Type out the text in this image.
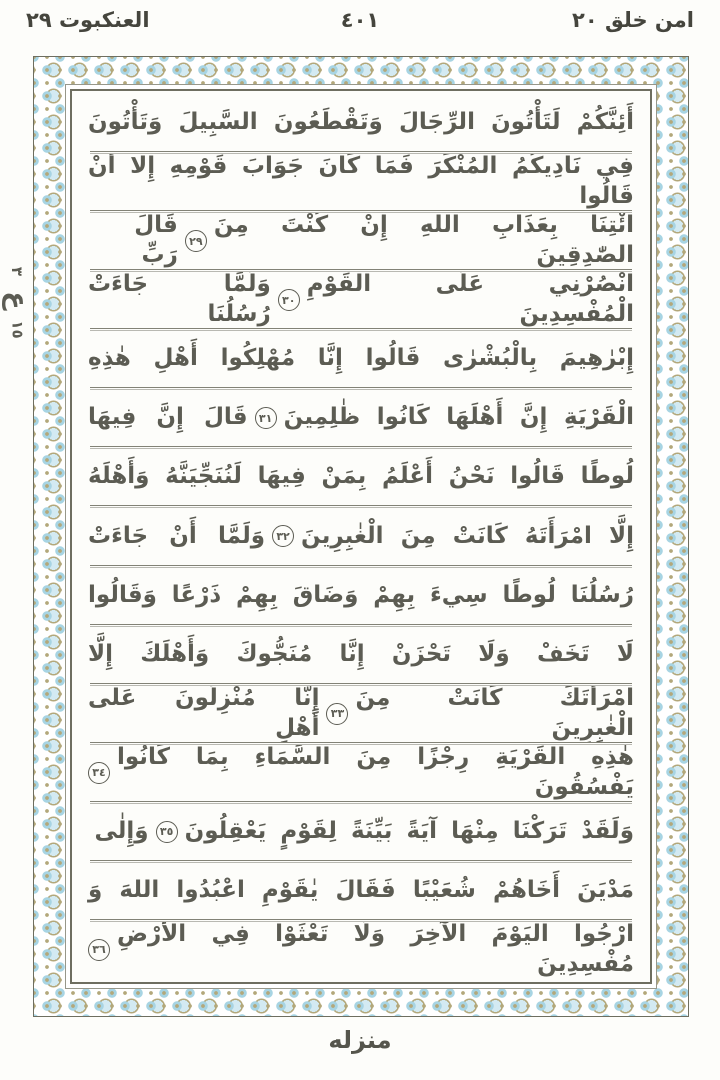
امن خلق ٢٠
٤٠١
العنكبوت ٢٩
٣
ع
١٥
أَئِنَّكُمْ لَتَأْتُونَ الرِّجَالَ وَتَقْطَعُونَ السَّبِيلَ وَتَأْتُونَ
فِي نَادِيكُمُ الْمُنْكَرَ فَمَا كَانَ جَوَابَ قَوْمِهِ إِلَّا أَنْ قَالُوا
ائْتِنَا بِعَذَابِ اللهِ إِنْ كُنْتَ مِنَ الصّٰدِقِينَ
٢٩
قَالَ رَبِّ
انْصُرْنِي عَلَى الْقَوْمِ الْمُفْسِدِينَ
٣٠
وَلَمَّا جَاءَتْ رُسُلُنَا
إِبْرٰهِيمَ بِالْبُشْرٰى قَالُوا إِنَّا مُهْلِكُوا أَهْلِ هٰذِهِ
الْقَرْيَةِ إِنَّ أَهْلَهَا كَانُوا ظٰلِمِينَ
٣١
قَالَ إِنَّ فِيهَا
لُوطًا قَالُوا نَحْنُ أَعْلَمُ بِمَنْ فِيهَا لَنُنَجِّيَنَّهُ وَأَهْلَهُ
إِلَّا امْرَأَتَهُ كَانَتْ مِنَ الْغٰبِرِينَ
٣٢
وَلَمَّا أَنْ جَاءَتْ
رُسُلُنَا لُوطًا سِيءَ بِهِمْ وَضَاقَ بِهِمْ ذَرْعًا وَقَالُوا
لَا تَخَفْ وَلَا تَحْزَنْ إِنَّا مُنَجُّوكَ وَأَهْلَكَ إِلَّا
امْرَأَتَكَ كَانَتْ مِنَ الْغٰبِرِينَ
٣٣
إِنَّا مُنْزِلُونَ عَلٰى أَهْلِ
هٰذِهِ الْقَرْيَةِ رِجْزًا مِنَ السَّمَاءِ بِمَا كَانُوا يَفْسُقُونَ
٣٤
وَلَقَدْ تَرَكْنَا مِنْهَا آيَةً بَيِّنَةً لِقَوْمٍ يَعْقِلُونَ
٣٥
وَإِلٰى
مَدْيَنَ أَخَاهُمْ شُعَيْبًا فَقَالَ يٰقَوْمِ اعْبُدُوا اللهَ وَ
ارْجُوا الْيَوْمَ الْآخِرَ وَلَا تَعْثَوْا فِي الْأَرْضِ مُفْسِدِينَ
٣٦
منزله
